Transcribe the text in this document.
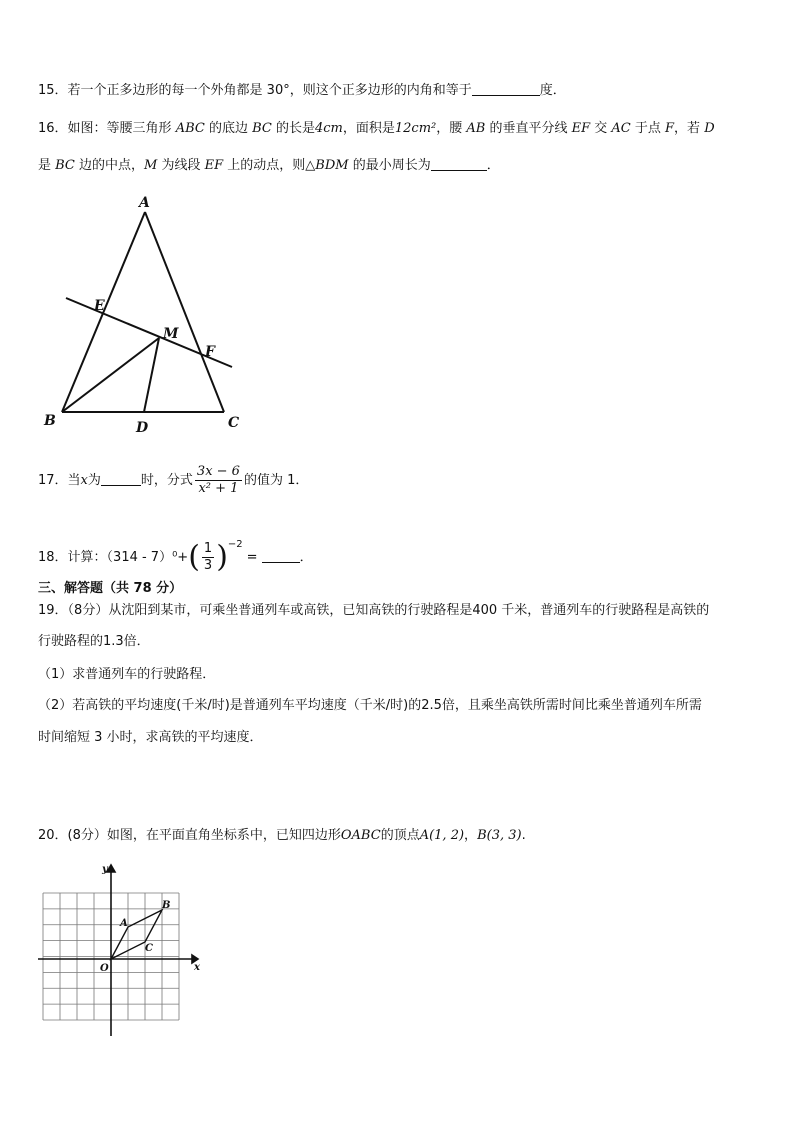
15．若一个正多边形的每一个外角都是 30°，则这个正多边形的内角和等于	度．
16．如图：等腰三角形 ABC 的底边 BC 的长是4cm，面积是12cm²，腰 AB 的垂直平分线 EF 交 AC 于点 F，若 D
是 BC 边的中点，M 为线段 EF 上的动点，则△BDM 的最小周长为	．
A
E
M
F
B	D	C
17．当x为	时，分式 $\frac{3x - 6}{\text{x² + 1}}$ 的值为 1．
18．计算：$(314 - 7)^0+( \frac{1}{3} )^{-2}=$	．
三、解答题（共 78 分）
19．（8分）从沈阳到某市，可乘坐普通列车或高铁，已知高铁的行驶路程是400 千米，普通列车的行驶路程是高铁的
行驶路程的1.3倍．
（1）求普通列车的行驶路程．
（2）若高铁的平均速度(千米/时)是普通列车平均速度（千米/时)的2.5倍，且乘坐高铁所需时间比乘坐普通列车所需
时间缩短 3 小时，求高铁的平均速度．
20．(8分）如图，在平面直角坐标系中，已知四边形OABC的顶点A(1, 2)，B(3, 3).
x
y
O
A
B
C
